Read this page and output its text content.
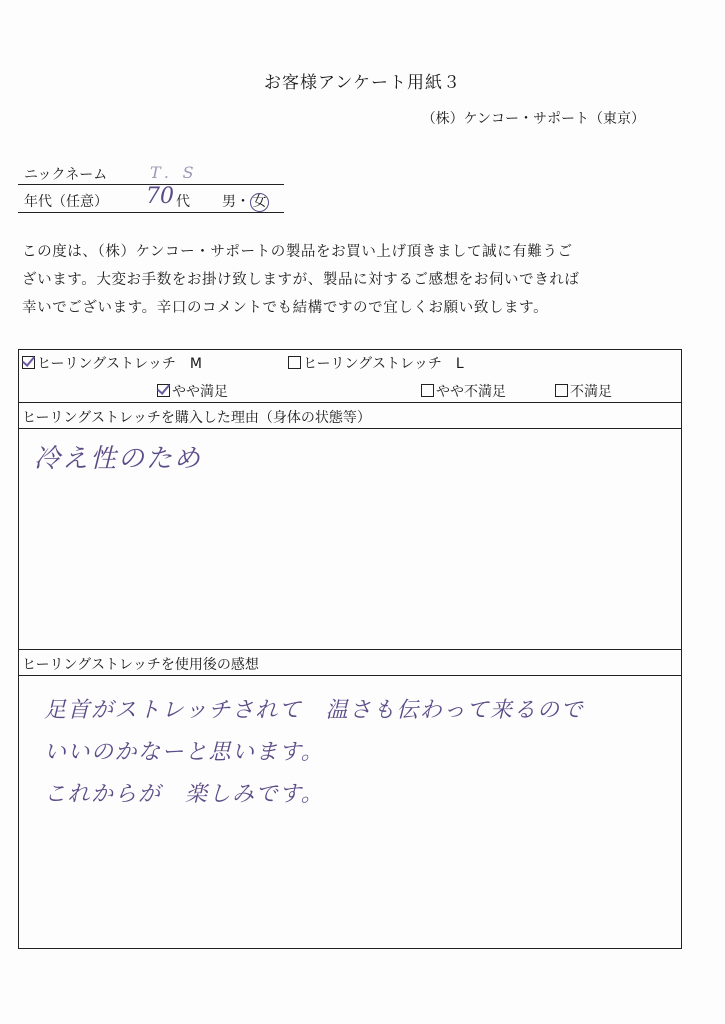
お客様アンケート用紙３
（株）ケンコー・サポート（東京）
ニックネーム	T．S
年代（任意） 70 代 男・ 女
この度は、（株）ケンコー・サポートの製品をお買い上げ頂きまして誠に有難うご
ざいます。大変お手数をお掛け致しますが、製品に対するご感想をお伺いできれば
幸いでございます。辛口のコメントでも結構ですので宜しくお願い致します。
ヒーリングストレッチ　M	ヒーリングストレッチ　L
やや満足	やや不満足	不満足
ヒーリングストレッチを購入した理由（身体の状態等）
冷え性のため
ヒーリングストレッチを使用後の感想
足首がストレッチされて　温さも伝わって来るので
いいのかなーと思います。
これからが　楽しみです。
